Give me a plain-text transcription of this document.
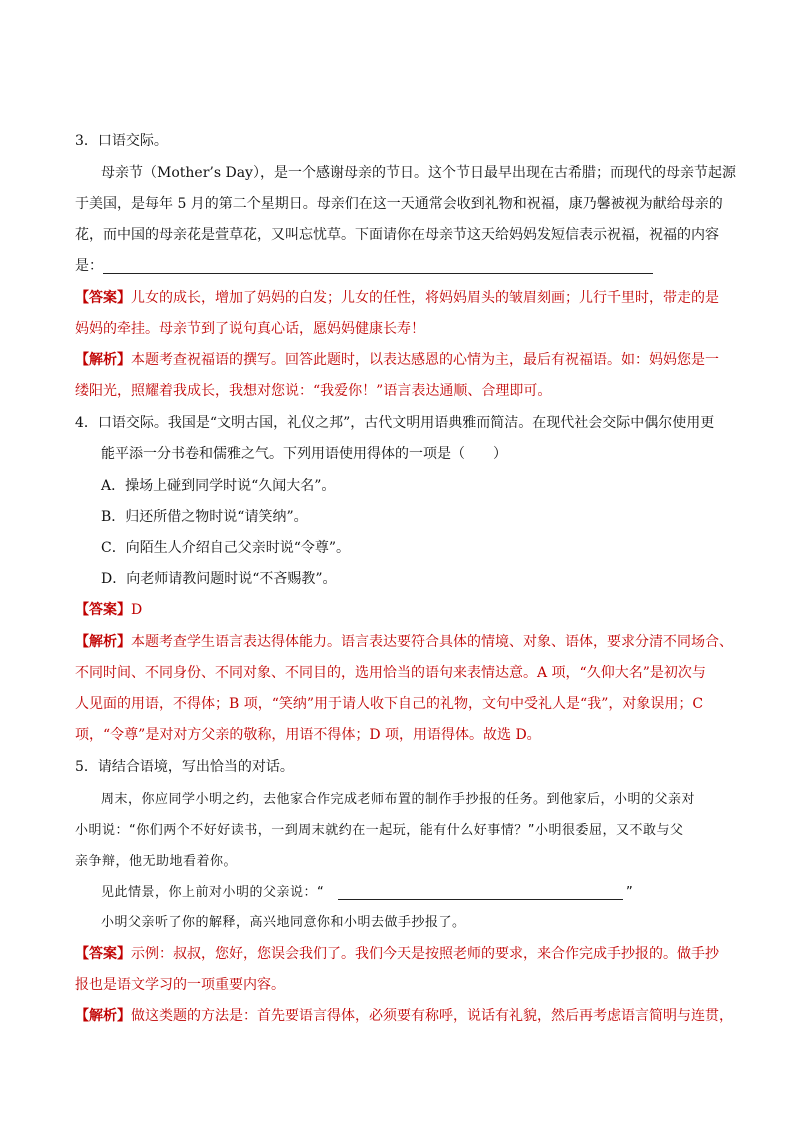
3．口语交际。
母亲节（Mother’s Day），是一个感谢母亲的节日。这个节日最早出现在古希腊；而现代的母亲节起源
于美国，是每年 5 月的第二个星期日。母亲们在这一天通常会收到礼物和祝福，康乃馨被视为献给母亲的
花，而中国的母亲花是萱草花，又叫忘忧草。下面请你在母亲节这天给妈妈发短信表示祝福，祝福的内容
是：
【答案】儿女的成长，增加了妈妈的白发；儿女的任性，将妈妈眉头的皱眉刻画；儿行千里时，带走的是
妈妈的牵挂。母亲节到了说句真心话，愿妈妈健康长寿！
【解析】本题考查祝福语的撰写。回答此题时，以表达感恩的心情为主，最后有祝福语。如：妈妈您是一
缕阳光，照耀着我成长，我想对您说：“我爱你！”语言表达通顺、合理即可。
4．口语交际。我国是“文明古国，礼仪之邦”，古代文明用语典雅而简洁。在现代社会交际中偶尔使用更
能平添一分书卷和儒雅之气。下列用语使用得体的一项是（　　）
A．操场上碰到同学时说“久闻大名”。
B．归还所借之物时说“请笑纳”。
C．向陌生人介绍自己父亲时说“令尊”。
D．向老师请教问题时说“不吝赐教”。
【答案】D
【解析】本题考查学生语言表达得体能力。语言表达要符合具体的情境、对象、语体，要求分清不同场合、
不同时间、不同身份、不同对象、不同目的，选用恰当的语句来表情达意。A 项，“久仰大名”是初次与
人见面的用语，不得体；B 项，“笑纳”用于请人收下自己的礼物，文句中受礼人是“我”，对象误用；C
项，“令尊”是对对方父亲的敬称，用语不得体；D 项，用语得体。故选 D。
5．请结合语境，写出恰当的对话。
周末，你应同学小明之约，去他家合作完成老师布置的制作手抄报的任务。到他家后，小明的父亲对
小明说：“你们两个不好好读书，一到周末就约在一起玩，能有什么好事情？”小明很委屈，又不敢与父
亲争辩，他无助地看着你。
见此情景，你上前对小明的父亲说：“	”
小明父亲听了你的解释，高兴地同意你和小明去做手抄报了。
【答案】示例：叔叔，您好，您误会我们了。我们今天是按照老师的要求，来合作完成手抄报的。做手抄
报也是语文学习的一项重要内容。
【解析】做这类题的方法是：首先要语言得体，必须要有称呼，说话有礼貌，然后再考虑语言简明与连贯，
